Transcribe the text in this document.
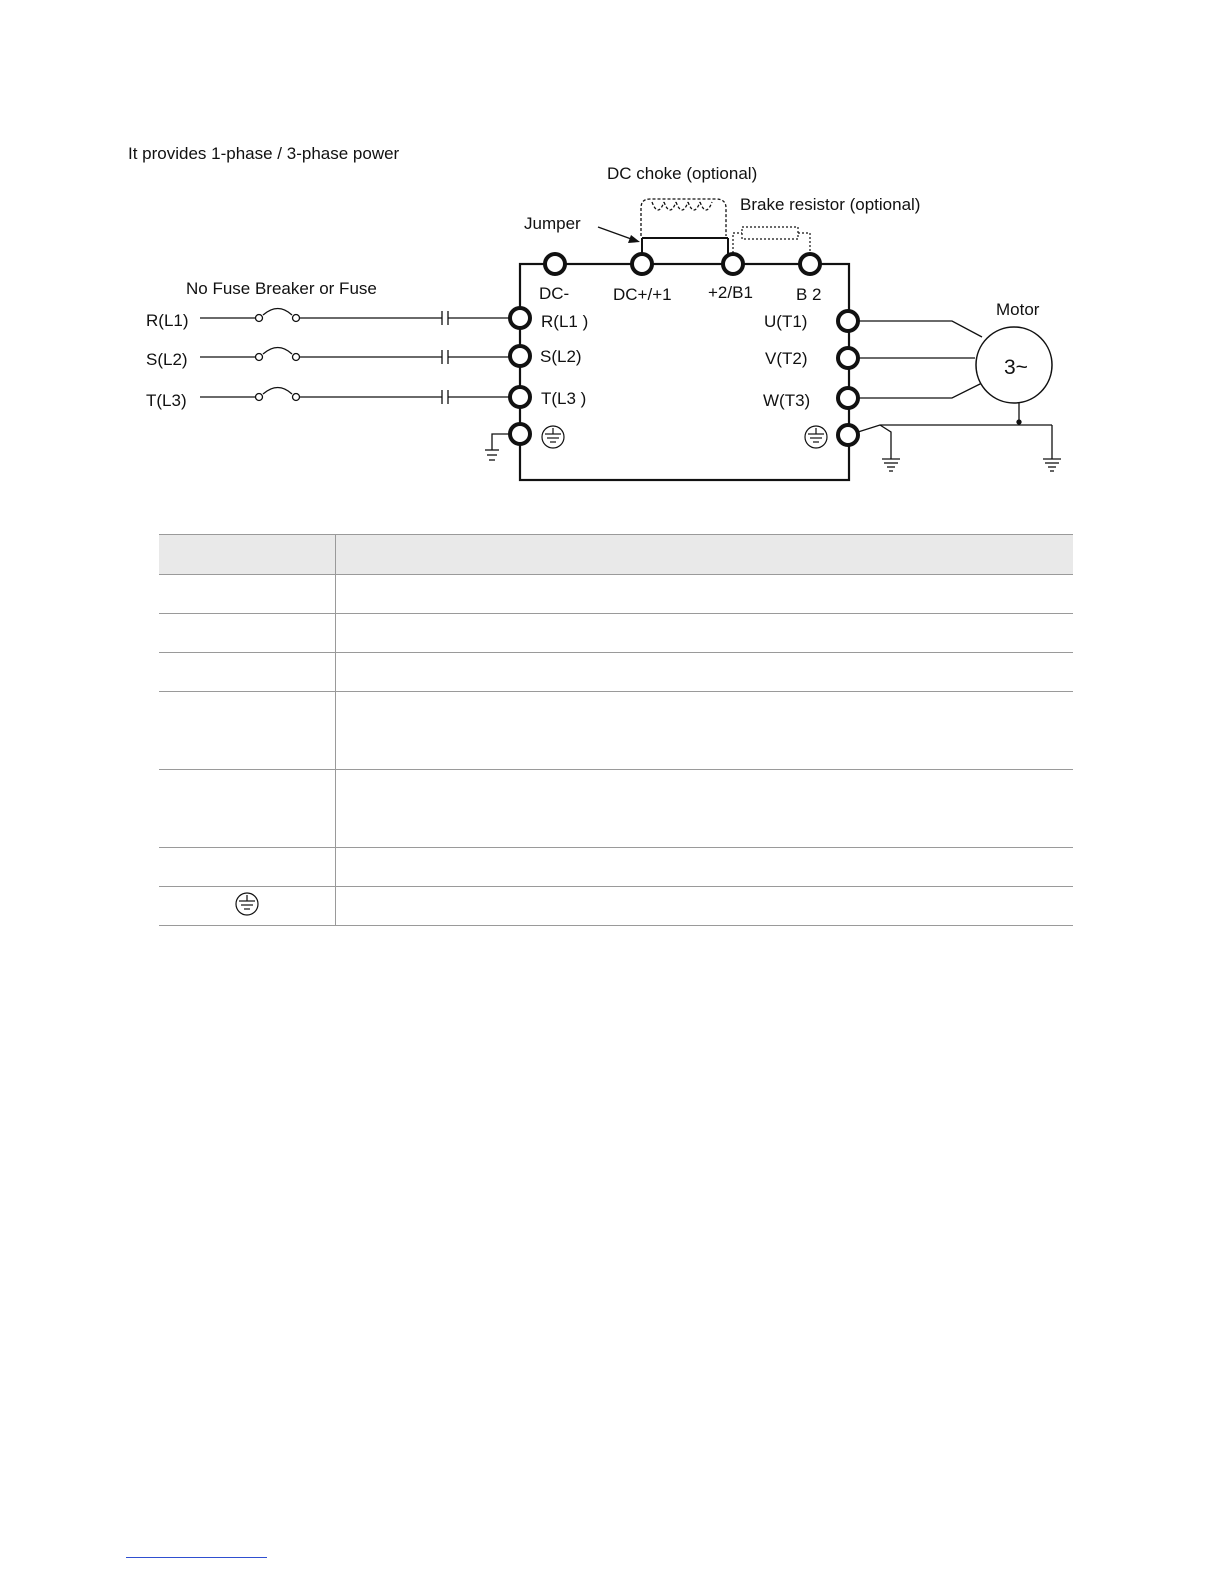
It provides 1-phase / 3-phase power
DC choke (optional)
Brake resistor (optional)
Jumper
No Fuse Breaker or Fuse
Motor
DC-	DC+/+1 +2/B1	B 2
R(L1)
S(L2)
T(L3)
R(L1 )
S(L2)
T(L3 )
U(T1)
V(T2)
W(T3)
3~
